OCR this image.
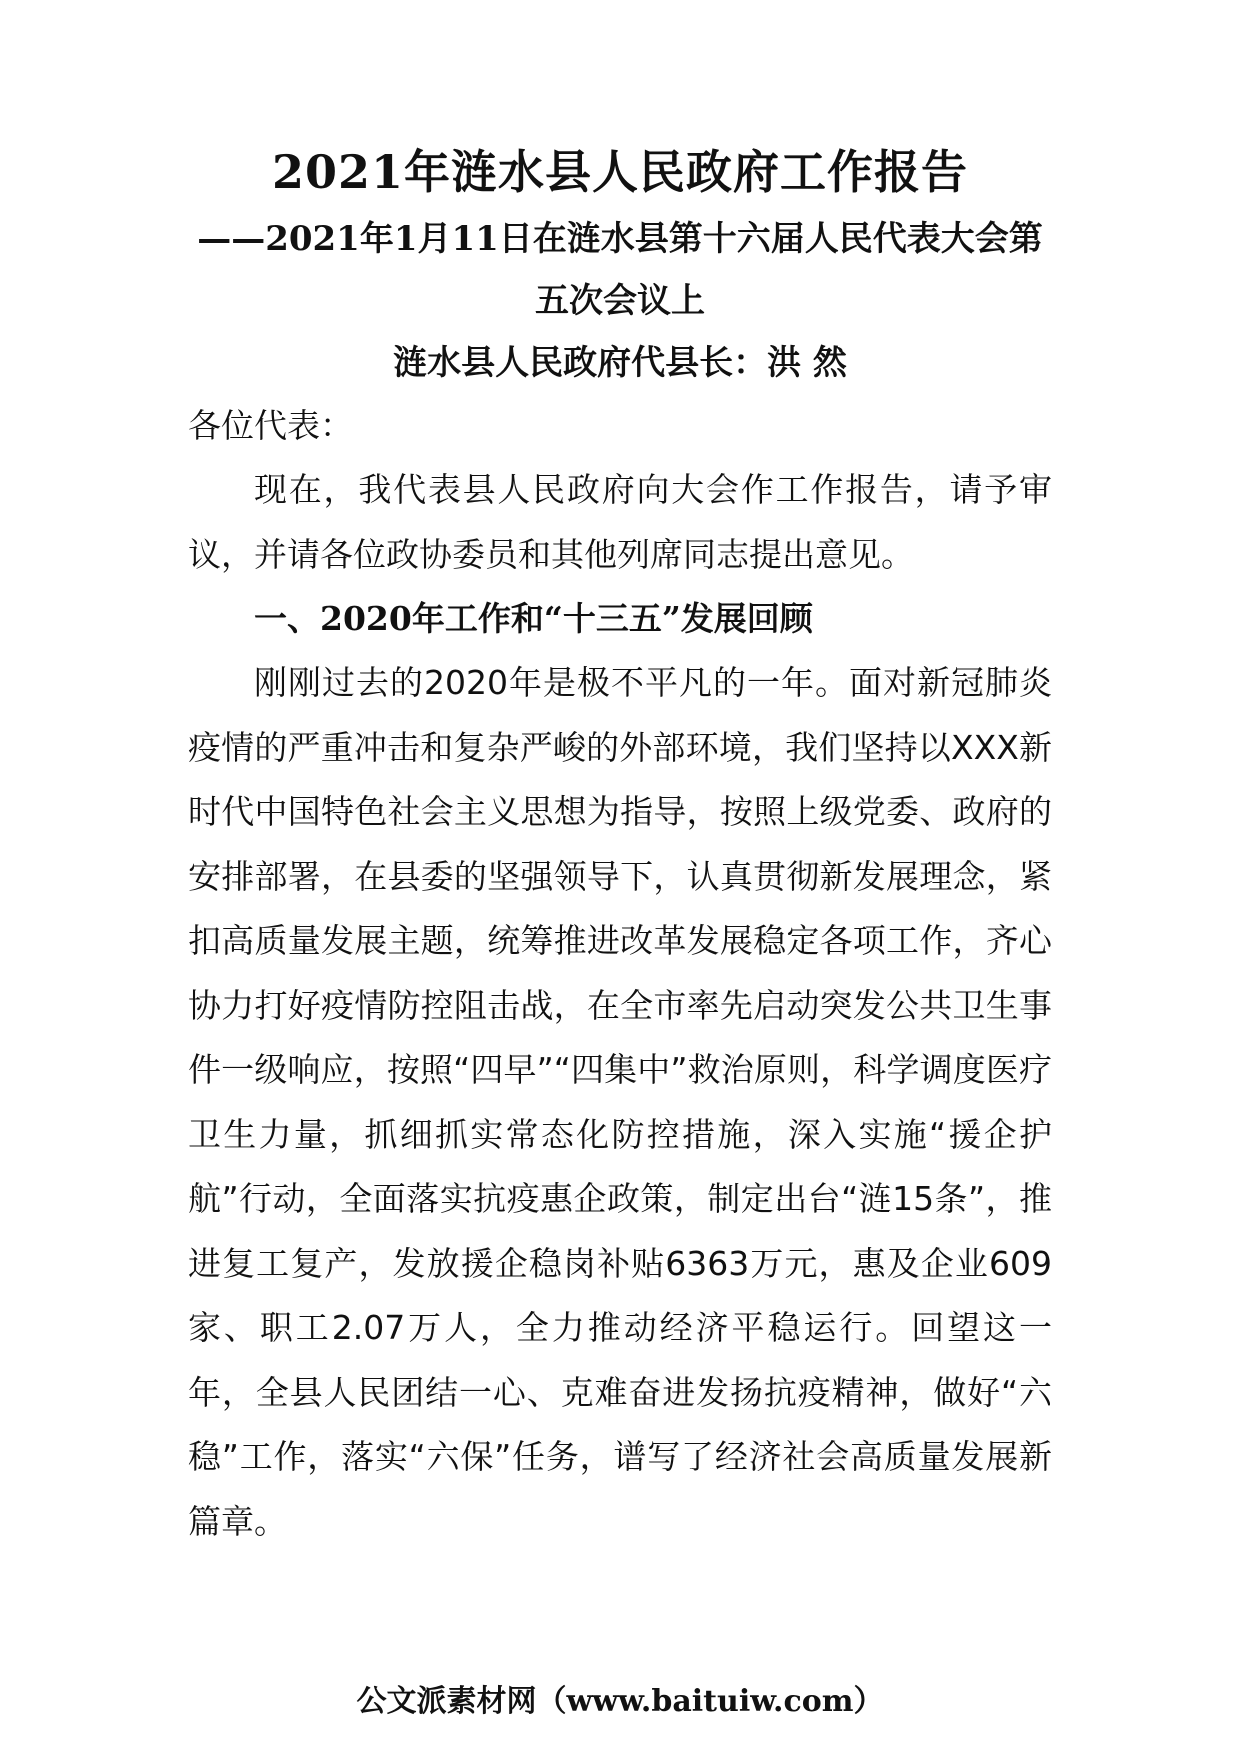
2021年涟水县人民政府工作报告

——2021年1月11日在涟水县第十六届人民代表大会第五次会议上

涟水县人民政府代县长：洪 然

各位代表：

现在，我代表县人民政府向大会作工作报告，请予审议，并请各位政协委员和其他列席同志提出意见。

一、2020年工作和“十三五”发展回顾

刚刚过去的2020年是极不平凡的一年。面对新冠肺炎疫情的严重冲击和复杂严峻的外部环境，我们坚持以XXX新时代中国特色社会主义思想为指导，按照上级党委、政府的安排部署，在县委的坚强领导下，认真贯彻新发展理念，紧扣高质量发展主题，统筹推进改革发展稳定各项工作，齐心协力打好疫情防控阻击战，在全市率先启动突发公共卫生事件一级响应，按照“四早”“四集中”救治原则，科学调度医疗卫生力量，抓细抓实常态化防控措施，深入实施“援企护航”行动，全面落实抗疫惠企政策，制定出台“涟15条”，推进复工复产，发放援企稳岗补贴6363万元，惠及企业609家、职工2.07万人，全力推动经济平稳运行。回望这一年，全县人民团结一心、克难奋进发扬抗疫精神，做好“六稳”工作，落实“六保”任务，谱写了经济社会高质量发展新篇章。

公文派素材网（www.baituiw.com）
